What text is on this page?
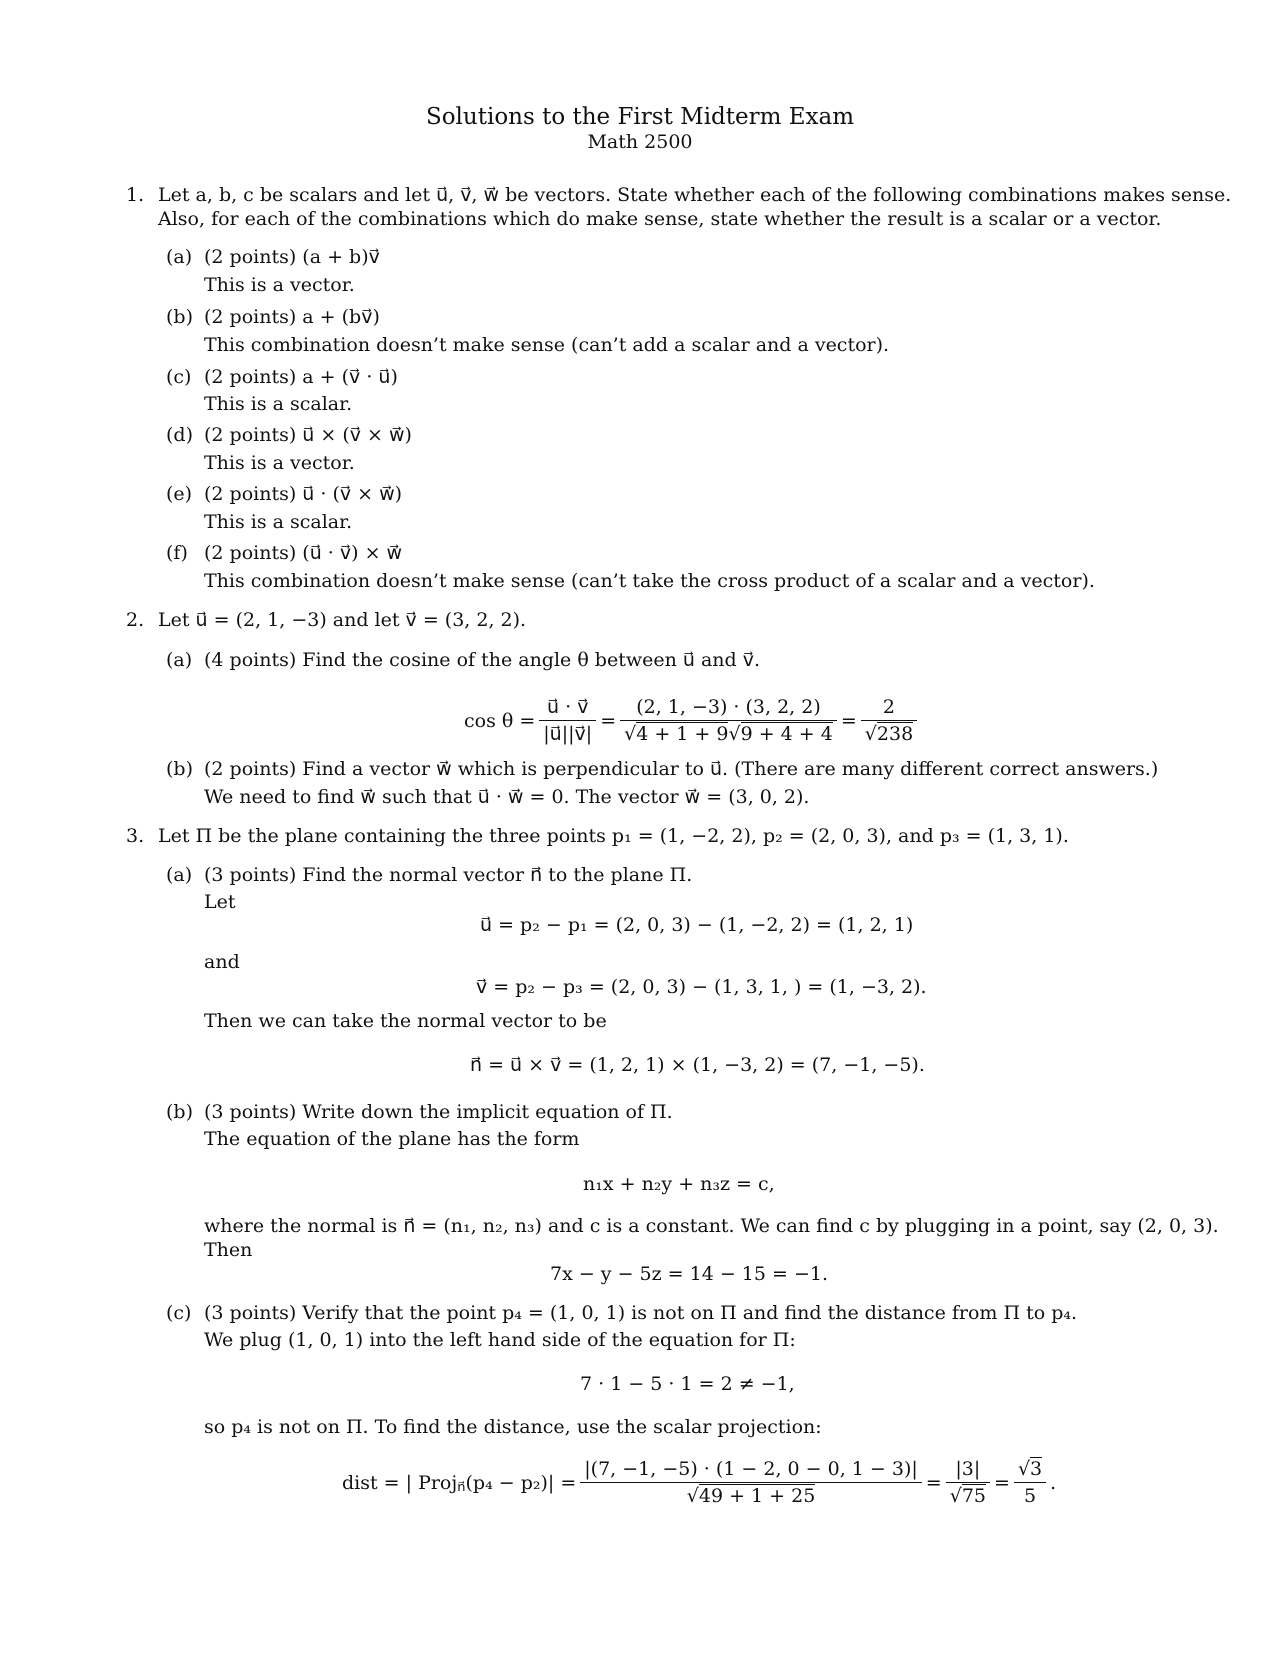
Solutions to the First Midterm Exam
Math 2500
1. Let a, b, c be scalars and let u⃗, v⃗, w⃗ be vectors. State whether each of the following combinations makes sense.
Also, for each of the combinations which do make sense, state whether the result is a scalar or a vector.
(a) (2 points) (a + b)v⃗
This is a vector.
(b) (2 points) a + (bv⃗)
This combination doesn’t make sense (can’t add a scalar and a vector).
(c) (2 points) a + (v⃗ · u⃗)
This is a scalar.
(d) (2 points) u⃗ × (v⃗ × w⃗)
This is a vector.
(e) (2 points) u⃗ · (v⃗ × w⃗)
This is a scalar.
(f) (2 points) (u⃗ · v⃗) × w⃗
This combination doesn’t make sense (can’t take the cross product of a scalar and a vector).
2. Let u⃗ = (2, 1, −3) and let v⃗ = (3, 2, 2).
(a) (4 points) Find the cosine of the angle θ between u⃗ and v⃗.
$\cos \theta = \frac{u⃗ \cdot v⃗}{|u⃗||v⃗|} = \frac{(2, 1, -3) \cdot (3, 2, 2)}{√4 + 1 + 9√9 + 4 + 4} = \frac{2}{√238}$
(b) (2 points) Find a vector w⃗ which is perpendicular to u⃗. (There are many different correct answers.)
We need to find w⃗ such that u⃗ · w⃗ = 0. The vector w⃗ = (3, 0, 2).
3. Let Π be the plane containing the three points p₁ = (1, −2, 2), p₂ = (2, 0, 3), and p₃ = (1, 3, 1).
(a) (3 points) Find the normal vector n⃗ to the plane Π.
Let
u⃗ = p₂ − p₁ = (2, 0, 3) − (1, −2, 2) = (1, 2, 1)
and
v⃗ = p₂ − p₃ = (2, 0, 3) − (1, 3, 1, ) = (1, −3, 2).
Then we can take the normal vector to be
n⃗ = u⃗ × v⃗ = (1, 2, 1) × (1, −3, 2) = (7, −1, −5).
(b) (3 points) Write down the implicit equation of Π.
The equation of the plane has the form
n₁x + n₂y + n₃z = c,
where the normal is n⃗ = (n₁, n₂, n₃) and c is a constant. We can find c by plugging in a point, say (2, 0, 3).
Then
7x − y − 5z = 14 − 15 = −1.
(c) (3 points) Verify that the point p₄ = (1, 0, 1) is not on Π and find the distance from Π to p₄.
We plug (1, 0, 1) into the left hand side of the equation for Π:
7 · 1 − 5 · 1 = 2 ≠ −1,
so p₄ is not on Π. To find the distance, use the scalar projection:
dist = | Proj$_{n⃗}$ $(p_4 - p_2)| = \frac{|(7, -1, -5) \cdot (1 - 2, 0 - 0, 1 - 3)|}{√49 + 1 + 25} = \frac{|3|}{√75} = \frac{√3}{5}$ .
